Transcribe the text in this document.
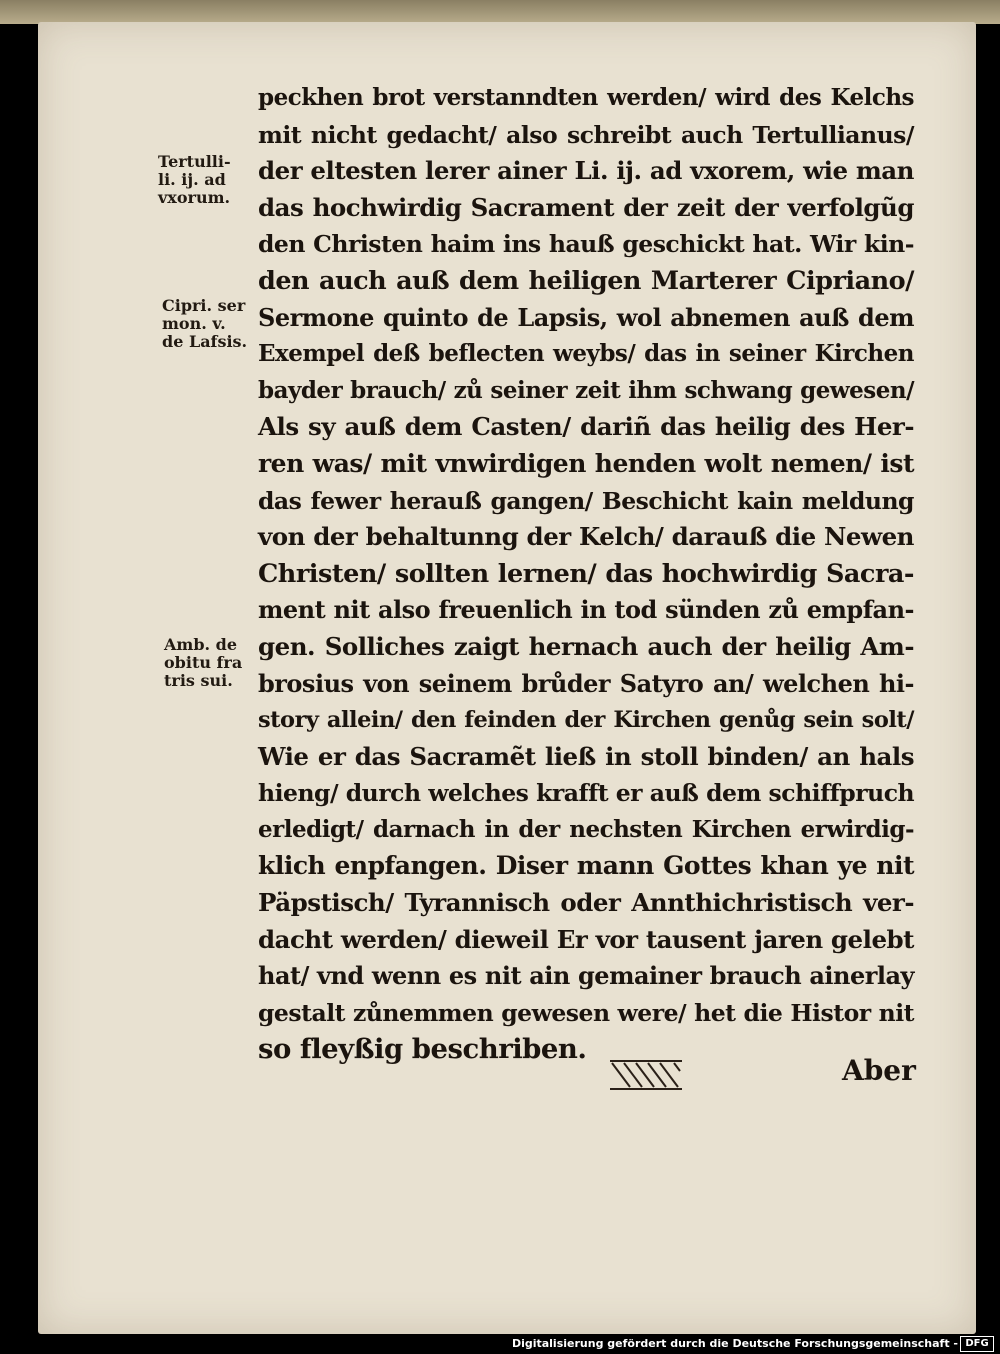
peckhen brot verstanndten werden/ wird des Kelchs
mit nicht gedacht/ also schreibt auch Tertullianus/
der eltesten lerer ainer Li. ij. ad vxorem, wie man
das hochwirdig Sacrament der zeit der verfolgũg
den Christen haim ins hauß geschickt hat. Wir kin-
den auch auß dem heiligen Marterer Cipriano/
Sermone quinto de Lapsis, wol abnemen auß dem
Exempel deß beflecten weybs/ das in seiner Kirchen
bayder brauch/ zů seiner zeit ihm schwang gewesen/
Als sy auß dem Casten/ dariñ das heilig des Her-
ren was/ mit vnwirdigen henden wolt nemen/ ist
das fewer herauß gangen/ Beschicht kain meldung
von der behaltunng der Kelch/ darauß die Newen
Christen/ sollten lernen/ das hochwirdig Sacra-
ment nit also freuenlich in tod sünden zů empfan-
gen. Solliches zaigt hernach auch der heilig Am-
brosius von seinem brůder Satyro an/ welchen hi-
story allein/ den feinden der Kirchen genůg sein solt/
Wie er das Sacramẽt ließ in stoll binden/ an hals
hieng/ durch welches krafft er auß dem schiffpruch
erledigt/ darnach in der nechsten Kirchen erwirdig-
klich enpfangen. Diser mann Gottes khan ye nit
Päpstisch/ Tyrannisch oder Annthichristisch ver-
dacht werden/ dieweil Er vor tausent jaren gelebt
hat/ vnd wenn es nit ain gemainer brauch ainerlay
gestalt zůnemmen gewesen were/ het die Histor nit
so fleyßig beschriben.
Tertulli-
li. ij. ad
vxorum.
Cipri. ser
mon. v.
de Lafsis.
Amb. de
obitu fra
tris sui.
Aber
Digitalisierung gefördert durch die Deutsche Forschungsgemeinschaft - DFG
